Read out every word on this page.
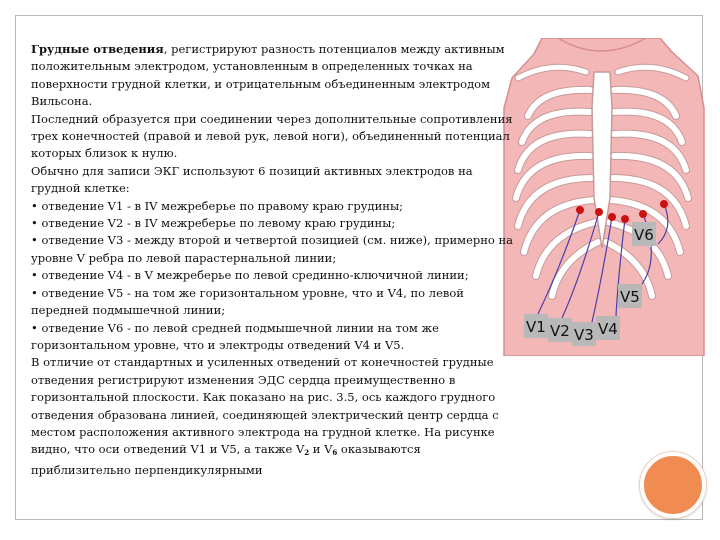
V1 V2 V3 V4
V5
V6

Грудные отведения, регистрируют разность потенциалов между активным положительным электродом, установленным в определенных точках на поверхности грудной клетки, и отрицательным объединенным электродом Вильсона.

Последний образуется при соединении через дополнительные сопротивления трех конечностей (правой и левой рук, левой ноги), объединенный потенциал которых близок к нулю.

Обычно для записи ЭКГ используют 6 позиций активных электродов на грудной клетке:

• отведение V1 - в IV межреберье по правому краю грудины;

• отведение V2 - в IV межреберье по левому краю грудины;

• отведение V3 - между второй и четвертой позицией (см. ниже), примерно на уровне V ребра по левой парастернальной линии;

• отведение V4 - в V межреберье по левой срединно-ключичной линии;

• отведение V5 - на том же горизонтальном уровне, что и V4, по левой передней подмышечной линии;

• отведение V6 - по левой средней подмышечной линии на том же горизонтальном уровне, что и электроды отведений V4 и V5.

В отличие от стандартных и усиленных отведений от конечностей грудные отведения регистрируют изменения ЭДС сердца преимущественно в горизонтальной плоскости. Как показано на рис. 3.5, ось каждого грудного отведения образована линией, соединяющей электрический центр сердца с местом расположения активного электрода на грудной клетке. На рисунке видно, что оси отведений V1 и V5, а также $V_2$ и $V_6$ оказываются приблизительно перпендикулярными
